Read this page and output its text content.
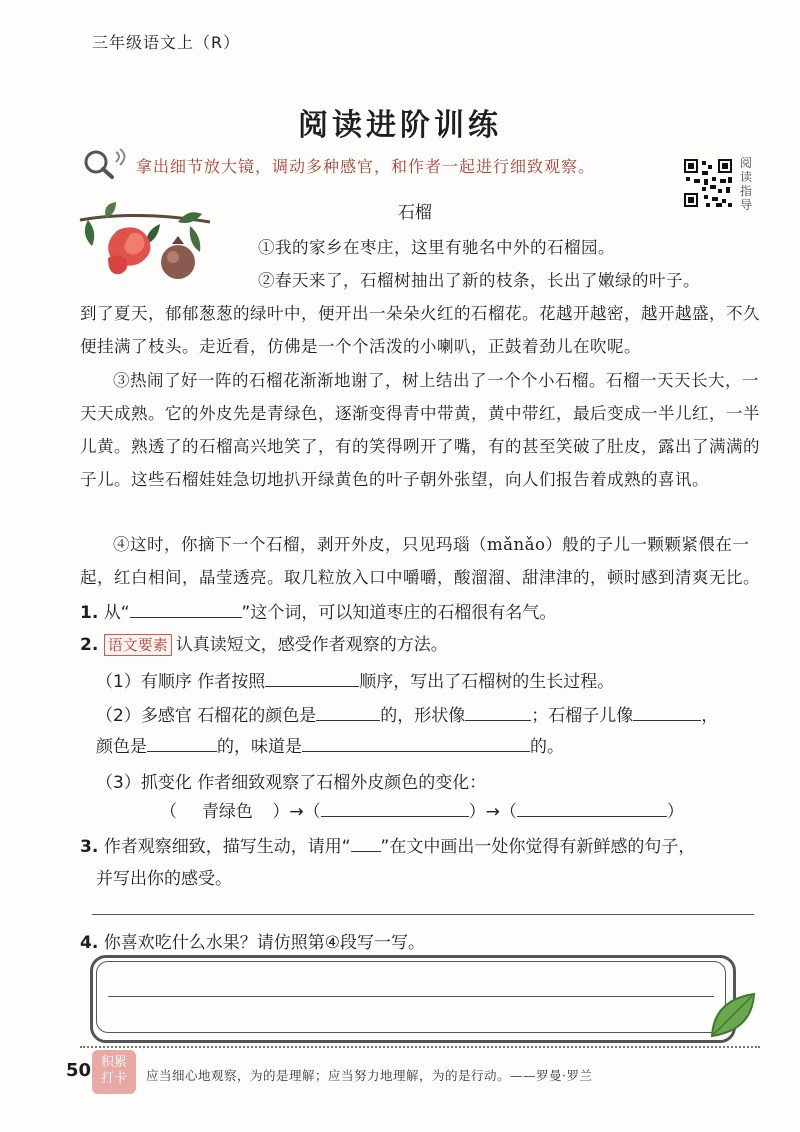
三年级语文上（R）
阅读进阶训练
拿出细节放大镜，调动多种感官，和作者一起进行细致观察。	阅读指导
石榴
①我的家乡在枣庄，这里有驰名中外的石榴园。
②春天来了，石榴树抽出了新的枝条，长出了嫩绿的叶子。
到了夏天，郁郁葱葱的绿叶中，便开出一朵朵火红的石榴花。花越开越密，越开越盛，不久便挂满了枝头。走近看，仿佛是一个个活泼的小喇叭，正鼓着劲儿在吹呢。
③热闹了好一阵的石榴花渐渐地谢了，树上结出了一个个小石榴。石榴一天天长大，一天天成熟。它的外皮先是青绿色，逐渐变得青中带黄，黄中带红，最后变成一半儿红，一半儿黄。熟透了的石榴高兴地笑了，有的笑得咧开了嘴，有的甚至笑破了肚皮，露出了满满的子儿。这些石榴娃娃急切地扒开绿黄色的叶子朝外张望，向人们报告着成熟的喜讯。
④这时，你摘下一个石榴，剥开外皮，只见玛瑙（mǎnǎo）般的子儿一颗颗紧偎在一起，红白相间，晶莹透亮。取几粒放入口中嚼嚼，酸溜溜、甜津津的，顿时感到清爽无比。
1. 从“	”这个词，可以知道枣庄的石榴很有名气。
2. 语文要素 认真读短文，感受作者观察的方法。
（1）有顺序 作者按照	顺序，写出了石榴树的生长过程。
（2）多感官 石榴花的颜色是	的，形状像	；石榴子儿像	，
颜色是	的，味道是	的。
（3）抓变化 作者细致观察了石榴外皮颜色的变化：
（ 青绿色 ）→（	）→（	）
3. 作者观察细致，描写生动，请用“ ”在文中画出一处你觉得有新鲜感的句子，
并写出你的感受。
4. 你喜欢吃什么水果？请仿照第④段写一写。
50 积累
打卡	应当细心地观察，为的是理解；应当努力地理解，为的是行动。——罗曼·罗兰
